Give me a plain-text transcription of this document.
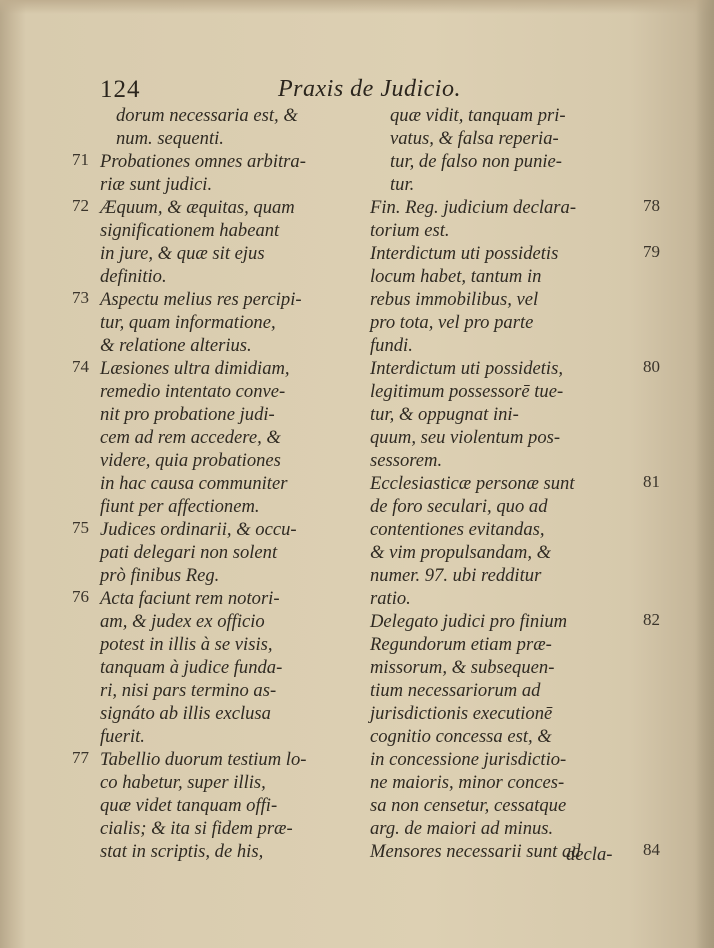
124	Praxis de Judicio.

dorum necessaria est, &
num. sequenti.

71 Probationes omnes arbitra-
riæ sunt judici.

72 Æquum, & æquitas, quam
significationem habeant
in jure, & quæ sit ejus
definitio.

73 Aspectu melius res percipi-
tur, quam informatione,
& relatione alterius.

74 Læsiones ultra dimidiam,
remedio intentato conve-
nit pro probatione judi-
cem ad rem accedere, &
videre, quia probationes
in hac causa communiter
fiunt per affectionem.

75 Judices ordinarii, & occu-
pati delegari non solent
prò finibus Reg.

76 Acta faciunt rem notori-
am, & judex ex officio
potest in illis à se visis,
tanquam à judice funda-
ri, nisi pars termino as-
signáto ab illis exclusa
fuerit.

77 Tabellio duorum testium lo-
co habetur, super illis,
quæ videt tanquam offi-
cialis; & ita si fidem præ-
stat in scriptis, de his,

quæ vidit, tanquam pri-
vatus, & falsa reperia-
tur, de falso non punie-
tur.

78

Fin. Reg. judicium declara-
torium est.

79

Interdictum uti possidetis
locum habet, tantum in
rebus immobilibus, vel
pro tota, vel pro parte
fundi.

80

Interdictum uti possidetis,
legitimum possessorē tue-
tur, & oppugnat ini-
quum, seu violentum pos-
sessorem.

81

Ecclesiasticæ personæ sunt
de foro seculari, quo ad
contentiones evitandas,
& vim propulsandam, &
numer. 97. ubi redditur
ratio.

82

Delegato judici pro finium
Regundorum etiam præ-
missorum, & subsequen-
tium necessariorum ad
jurisdictionis executionē
cognitio concessa est, &
in concessione jurisdictio-
ne maioris, minor conces-
sa non censetur, cessatque
arg. de maiori ad minus.

84

Mensores necessarii sunt ad

decla-
